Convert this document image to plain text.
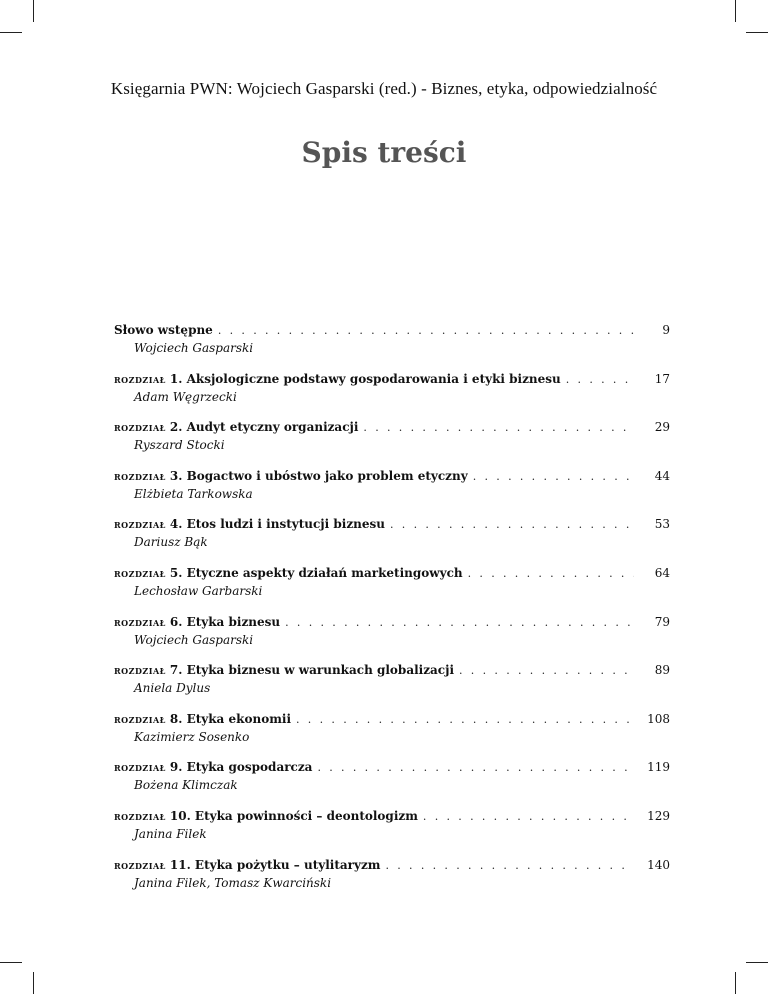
Księgarnia PWN: Wojciech Gasparski (red.) - Biznes, etyka, odpowiedzialność
Spis treści
Słowo wstępne . . .	9
Wojciech Gasparski
ROZDZIAŁ 1. Aksjologiczne podstawy gospodarowania i etyki biznesu . . .	17
Adam Węgrzecki
ROZDZIAŁ 2. Audyt etyczny organizacji . . .	29
Ryszard Stocki
ROZDZIAŁ 3. Bogactwo i ubóstwo jako problem etyczny . . .	44
Elżbieta Tarkowska
ROZDZIAŁ 4. Etos ludzi i instytucji biznesu . . .	53
Dariusz Bąk
ROZDZIAŁ 5. Etyczne aspekty działań marketingowych . . .	64
Lechosław Garbarski
ROZDZIAŁ 6. Etyka biznesu . . .	79
Wojciech Gasparski
ROZDZIAŁ 7. Etyka biznesu w warunkach globalizacji . . .	89
Aniela Dylus
ROZDZIAŁ 8. Etyka ekonomii . . .	108
Kazimierz Sosenko
ROZDZIAŁ 9. Etyka gospodarcza . . .	119
Bożena Klimczak
ROZDZIAŁ 10. Etyka powinności – deontologizm . . .	129
Janina Filek
ROZDZIAŁ 11. Etyka pożytku – utylitaryzm . . .	140
Janina Filek, Tomasz Kwarciński
